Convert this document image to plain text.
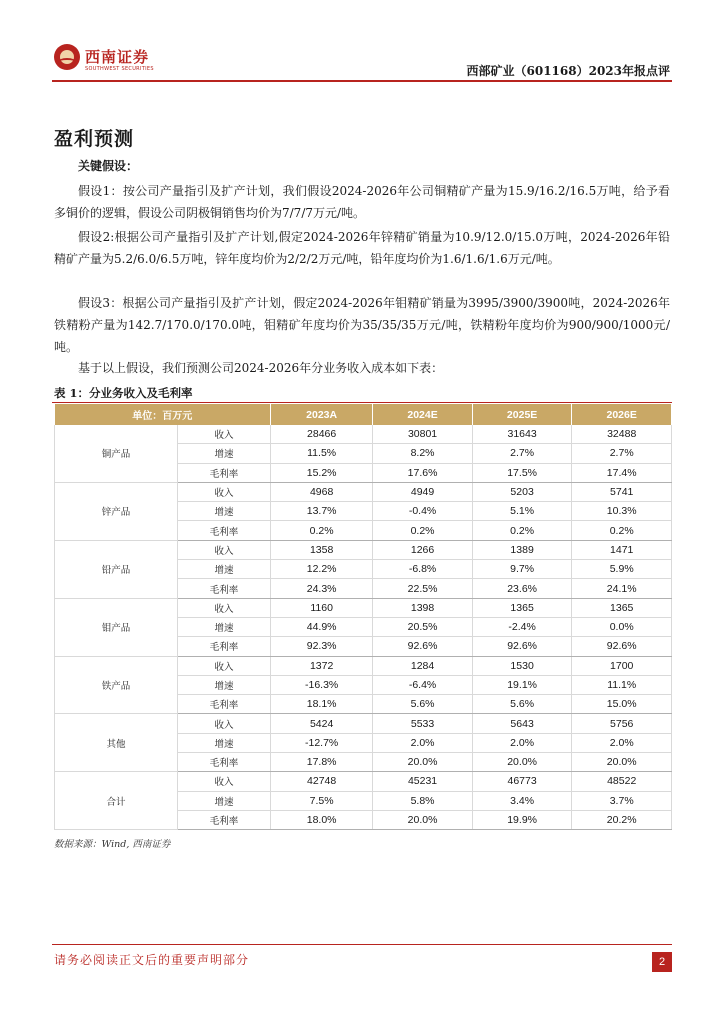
西南证券
SOUTHWEST SECURITIES	西部矿业（601168）2023年报点评
盈利预测
关键假设：
假设1：按公司产量指引及扩产计划，我们假设2024-2026年公司铜精矿产量为15.9/16.2/16.5万吨，给予看多铜价的逻辑，假设公司阴极铜销售均价为7/7/7万元/吨。
假设2:根据公司产量指引及扩产计划,假定2024-2026年锌精矿销量为10.9/12.0/15.0万吨，2024-2026年铅精矿产量为5.2/6.0/6.5万吨，锌年度均价为2/2/2万元/吨，铅年度均价为1.6/1.6/1.6万元/吨。
假设3：根据公司产量指引及扩产计划，假定2024-2026年钼精矿销量为3995/3900/3900吨，2024-2026年铁精粉产量为142.7/170.0/170.0吨，钼精矿年度均价为35/35/35万元/吨，铁精粉年度均价为900/900/1000元/吨。
基于以上假设，我们预测公司2024-2026年分业务收入成本如下表：
表 1：分业务收入及毛利率
单位：百万元		2023A	2024E	2025E	2026E
铜产品	收入	28466	30801	31643	32488
	增速	11.5%	8.2%	2.7%	2.7%
	毛利率	15.2%	17.6%	17.5%	17.4%
锌产品	收入	4968	4949	5203	5741
	增速	13.7%	-0.4%	5.1%	10.3%
	毛利率	0.2%	0.2%	0.2%	0.2%
铅产品	收入	1358	1266	1389	1471
	增速	12.2%	-6.8%	9.7%	5.9%
	毛利率	24.3%	22.5%	23.6%	24.1%
钼产品	收入	1160	1398	1365	1365
	增速	44.9%	20.5%	-2.4%	0.0%
	毛利率	92.3%	92.6%	92.6%	92.6%
铁产品	收入	1372	1284	1530	1700
	增速	-16.3%	-6.4%	19.1%	11.1%
	毛利率	18.1%	5.6%	5.6%	15.0%
其他	收入	5424	5533	5643	5756
	增速	-12.7%	2.0%	2.0%	2.0%
	毛利率	17.8%	20.0%	20.0%	20.0%
合计	收入	42748	45231	46773	48522
	增速	7.5%	5.8%	3.4%	3.7%
	毛利率	18.0%	20.0%	19.9%	20.2%
数据来源：Wind, 西南证券
请务必阅读正文后的重要声明部分	2
